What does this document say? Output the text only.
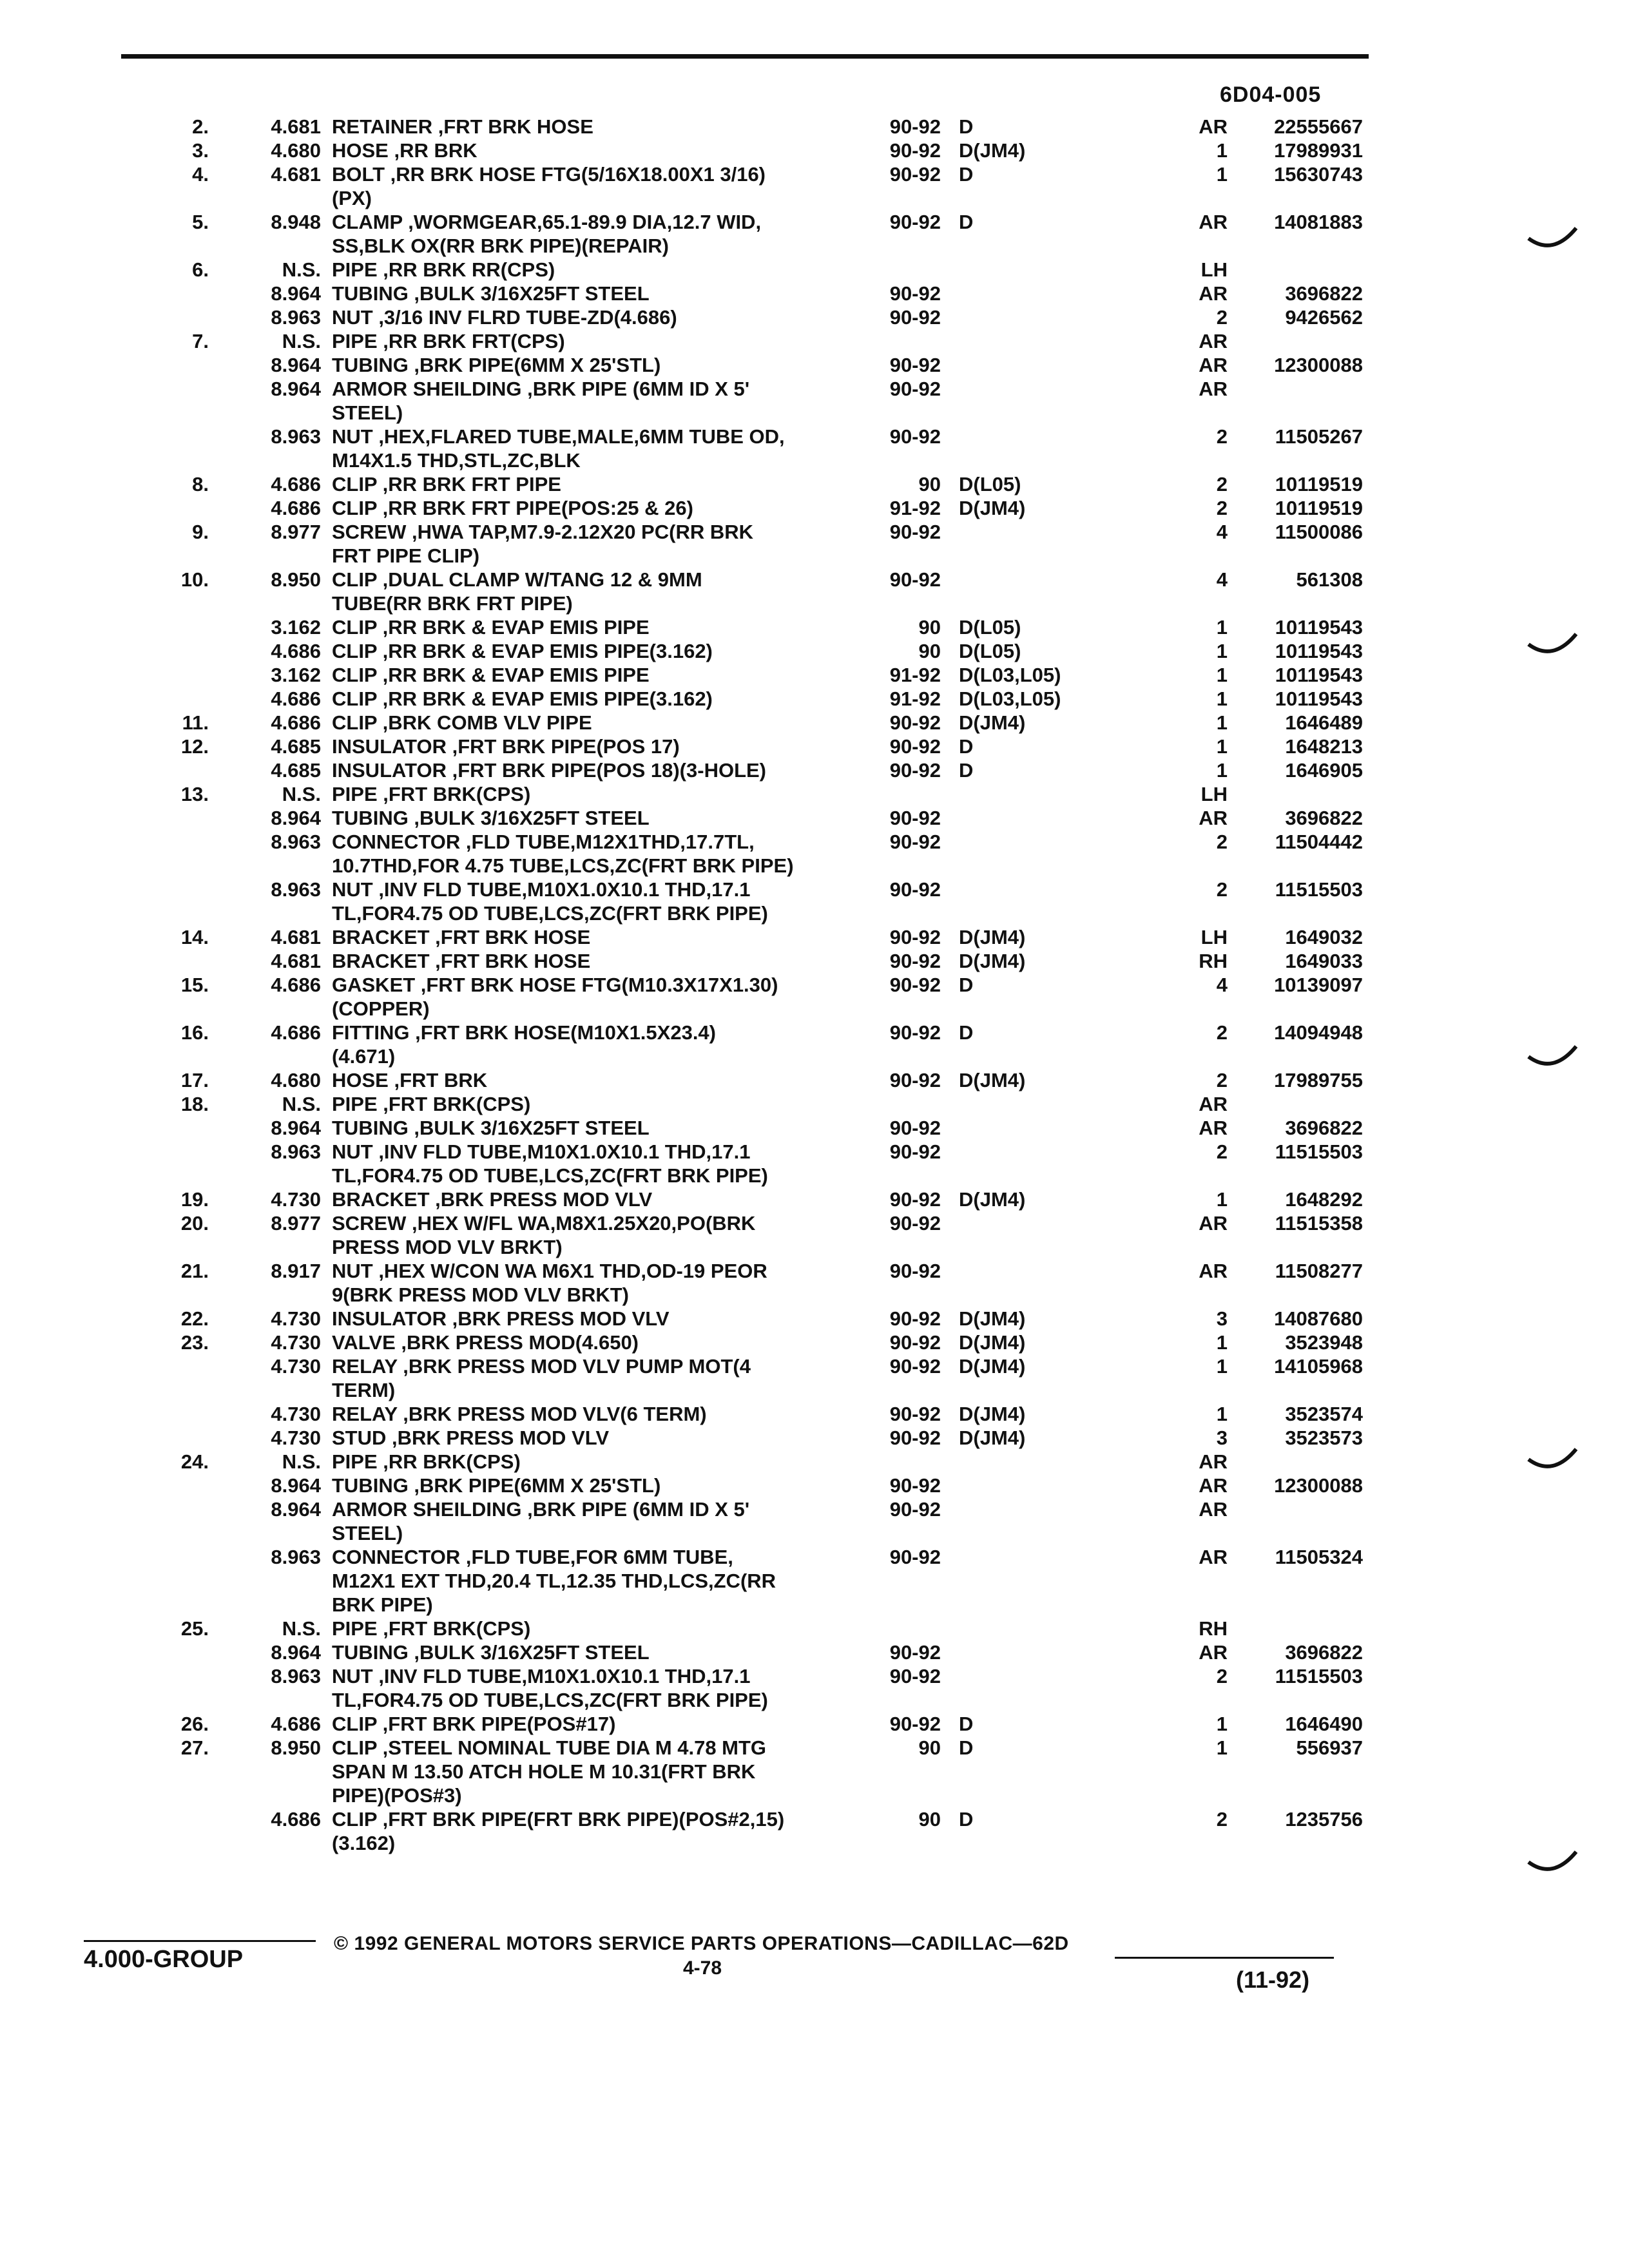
6D04-005
2.	4.681 RETAINER ,FRT BRK HOSE	90-92 D	AR	22555667
3.	4.680 HOSE ,RR BRK	90-92 D(JM4)	1	17989931
4.	4.681 BOLT ,RR BRK HOSE FTG(5/16X18.00X1 3/16)	90-92 D	1	15630743
(PX)
5.	8.948 CLAMP ,WORMGEAR,65.1-89.9 DIA,12.7 WID,	90-92 D	AR	14081883
SS,BLK OX(RR BRK PIPE)(REPAIR)
6.	N.S. PIPE ,RR BRK RR(CPS)	LH
8.964 TUBING ,BULK 3/16X25FT STEEL	90-92	AR	3696822
8.963 NUT ,3/16 INV FLRD TUBE-ZD(4.686)	90-92	2	9426562
7.	N.S. PIPE ,RR BRK FRT(CPS)	AR
8.964 TUBING ,BRK PIPE(6MM X 25'STL)	90-92	AR	12300088
8.964 ARMOR SHEILDING ,BRK PIPE (6MM ID X 5'	90-92	AR
STEEL)
8.963 NUT ,HEX,FLARED TUBE,MALE,6MM TUBE OD,	90-92	2	11505267
M14X1.5 THD,STL,ZC,BLK
8.	4.686 CLIP ,RR BRK FRT PIPE	90 D(L05)	2	10119519
4.686 CLIP ,RR BRK FRT PIPE(POS:25 & 26)	91-92 D(JM4)	2	10119519
9.	8.977 SCREW ,HWA TAP,M7.9-2.12X20 PC(RR BRK	90-92	4	11500086
FRT PIPE CLIP)
10.	8.950 CLIP ,DUAL CLAMP W/TANG 12 & 9MM	90-92	4	561308
TUBE(RR BRK FRT PIPE)
3.162 CLIP ,RR BRK & EVAP EMIS PIPE	90 D(L05)	1	10119543
4.686 CLIP ,RR BRK & EVAP EMIS PIPE(3.162)	90 D(L05)	1	10119543
3.162 CLIP ,RR BRK & EVAP EMIS PIPE	91-92 D(L03,L05)	1	10119543
4.686 CLIP ,RR BRK & EVAP EMIS PIPE(3.162)	91-92 D(L03,L05)	1	10119543
11.	4.686 CLIP ,BRK COMB VLV PIPE	90-92 D(JM4)	1	1646489
12.	4.685 INSULATOR ,FRT BRK PIPE(POS 17)	90-92 D	1	1648213
4.685 INSULATOR ,FRT BRK PIPE(POS 18)(3-HOLE)	90-92 D	1	1646905
13.	N.S. PIPE ,FRT BRK(CPS)	LH
8.964 TUBING ,BULK 3/16X25FT STEEL	90-92	AR	3696822
8.963 CONNECTOR ,FLD TUBE,M12X1THD,17.7TL,	90-92	2	11504442
10.7THD,FOR 4.75 TUBE,LCS,ZC(FRT BRK PIPE)
8.963 NUT ,INV FLD TUBE,M10X1.0X10.1 THD,17.1	90-92	2	11515503
TL,FOR4.75 OD TUBE,LCS,ZC(FRT BRK PIPE)
14.	4.681 BRACKET ,FRT BRK HOSE	90-92 D(JM4)	LH	1649032
4.681 BRACKET ,FRT BRK HOSE	90-92 D(JM4)	RH	1649033
15.	4.686 GASKET ,FRT BRK HOSE FTG(M10.3X17X1.30)	90-92 D	4	10139097
(COPPER)
16.	4.686 FITTING ,FRT BRK HOSE(M10X1.5X23.4)	90-92 D	2	14094948
(4.671)
17.	4.680 HOSE ,FRT BRK	90-92 D(JM4)	2	17989755
18.	N.S. PIPE ,FRT BRK(CPS)	AR
8.964 TUBING ,BULK 3/16X25FT STEEL	90-92	AR	3696822
8.963 NUT ,INV FLD TUBE,M10X1.0X10.1 THD,17.1	90-92	2	11515503
TL,FOR4.75 OD TUBE,LCS,ZC(FRT BRK PIPE)
19.	4.730 BRACKET ,BRK PRESS MOD VLV	90-92 D(JM4)	1	1648292
20.	8.977 SCREW ,HEX W/FL WA,M8X1.25X20,PO(BRK	90-92	AR	11515358
PRESS MOD VLV BRKT)
21.	8.917 NUT ,HEX W/CON WA M6X1 THD,OD-19 PEOR	90-92	AR	11508277
9(BRK PRESS MOD VLV BRKT)
22.	4.730 INSULATOR ,BRK PRESS MOD VLV	90-92 D(JM4)	3	14087680
23.	4.730 VALVE ,BRK PRESS MOD(4.650)	90-92 D(JM4)	1	3523948
4.730 RELAY ,BRK PRESS MOD VLV PUMP MOT(4	90-92 D(JM4)	1	14105968
TERM)
4.730 RELAY ,BRK PRESS MOD VLV(6 TERM)	90-92 D(JM4)	1	3523574
4.730 STUD ,BRK PRESS MOD VLV	90-92 D(JM4)	3	3523573
24.	N.S. PIPE ,RR BRK(CPS)	AR
8.964 TUBING ,BRK PIPE(6MM X 25'STL)	90-92	AR	12300088
8.964 ARMOR SHEILDING ,BRK PIPE (6MM ID X 5'	90-92	AR
STEEL)
8.963 CONNECTOR ,FLD TUBE,FOR 6MM TUBE,	90-92	AR	11505324
M12X1 EXT THD,20.4 TL,12.35 THD,LCS,ZC(RR
BRK PIPE)
25.	N.S. PIPE ,FRT BRK(CPS)	RH
8.964 TUBING ,BULK 3/16X25FT STEEL	90-92	AR	3696822
8.963 NUT ,INV FLD TUBE,M10X1.0X10.1 THD,17.1	90-92	2	11515503
TL,FOR4.75 OD TUBE,LCS,ZC(FRT BRK PIPE)
26.	4.686 CLIP ,FRT BRK PIPE(POS#17)	90-92 D	1	1646490
27.	8.950 CLIP ,STEEL NOMINAL TUBE DIA M 4.78 MTG	90 D	1	556937
SPAN M 13.50 ATCH HOLE M 10.31(FRT BRK
PIPE)(POS#3)
4.686 CLIP ,FRT BRK PIPE(FRT BRK PIPE)(POS#2,15)	90 D	2	1235756
(3.162)
4.000-GROUP
© 1992 GENERAL MOTORS SERVICE PARTS OPERATIONS—CADILLAC—62D
4-78	(11-92)
